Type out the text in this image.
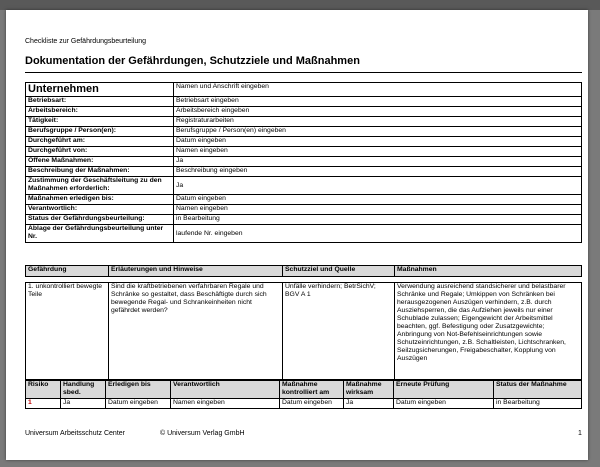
Checkliste zur Gefährdungsbeurteilung
Dokumentation der Gefährdungen, Schutzziele und Maßnahmen
Unternehmen	Namen und Anschrift eingeben
Betriebsart:	Betriebsart eingeben
Arbeitsbereich:	Arbeitsbereich eingeben
Tätigkeit:	Registraturarbeiten
Berufsgruppe / Person(en):	Berufsgruppe / Person(en) eingeben
Durchgeführt am:	Datum eingeben
Durchgeführt von:	Namen eingeben
Offene Maßnahmen:	Ja
Beschreibung der Maßnahmen:	Beschreibung eingeben
Zustimmung der Geschäftsleitung zu den Maßnahmen erforderlich:	Ja
Maßnahmen erledigen bis:	Datum eingeben
Verantwortlich:	Namen eingeben
Status der Gefährdungsbeurteilung:	in Bearbeitung
Ablage der Gefährdungsbeurteilung unter Nr.	laufende Nr. eingeben
Gefährdung	Erläuterungen und Hinweise	Schutzziel und Quelle	Maßnahmen
1. unkontrolliert bewegte Teile	Sind die kraftbetriebenen verfahrbaren Regale und Schränke so gestaltet, dass Beschäftigte durch sich bewegende Regal- und Schrankeinheiten nicht gefährdet werden?	Unfälle verhindern; BetrSichV; BGV A 1	Verwendung ausreichend standsicherer und belastbarer Schränke und Regale; Umkippen von Schränken bei herausgezogenen Auszügen verhindern, z.B. durch Ausziehsperren, die das Aufziehen jeweils nur einer Schublade zulassen; Eigengewicht der Arbeitsmittel beachten, ggf. Befestigung oder Zusatzgewichte; Anbringung von Not-Befehlseinrichtungen sowie Schutzeinrichtungen, z.B. Schaltleisten, Lichtschranken, Seilzugsicherungen, Freigabeschalter, Kopplung von Auszügen
Risiko	Handlung sbed.	Erledigen bis	Verantwortlich	Maßnahme kontrolliert am	Maßnahme wirksam	Erneute Prüfung	Status der Maßnahme
1	Ja	Datum eingeben	Namen eingeben	Datum eingeben	Ja	Datum eingeben	in Bearbeitung
Universum Arbeitsschutz Center	© Universum Verlag GmbH	1
